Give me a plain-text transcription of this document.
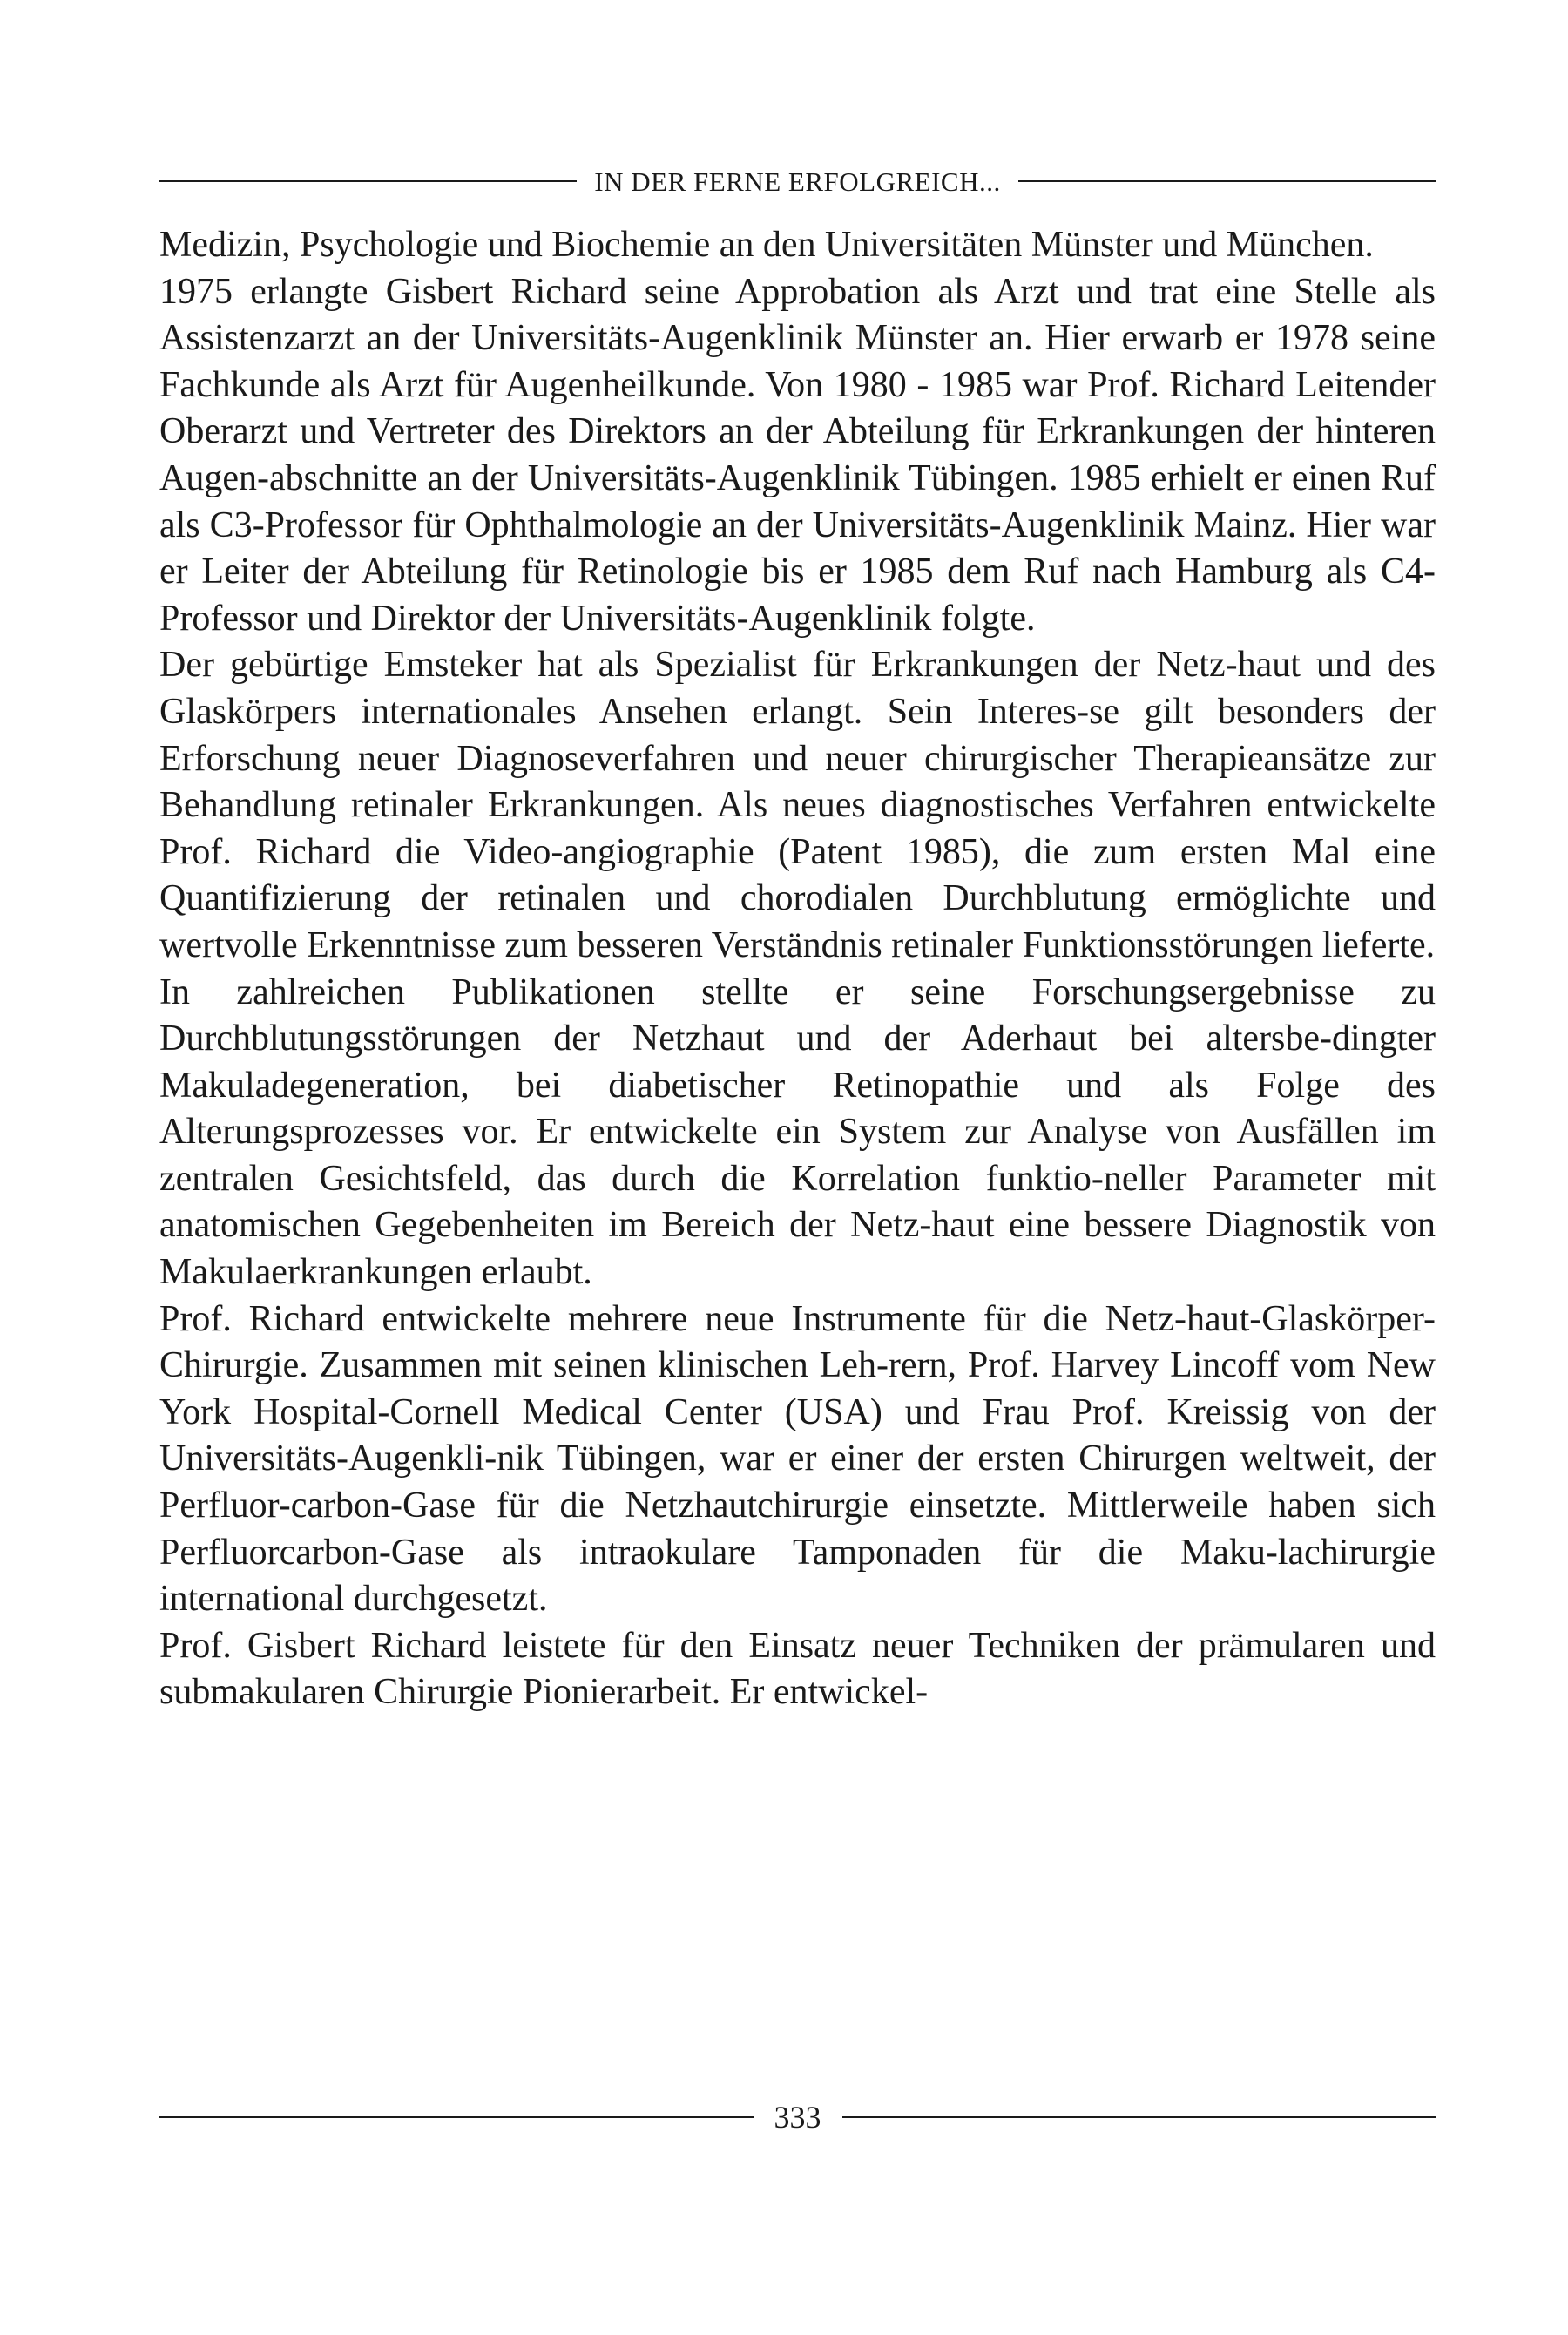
IN DER FERNE ERFOLGREICH...

Medizin, Psychologie und Biochemie an den Universitäten Münster und München.

1975 erlangte Gisbert Richard seine Approbation als Arzt und trat eine Stelle als Assistenzarzt an der Universitäts-Augenklinik Münster an. Hier erwarb er 1978 seine Fachkunde als Arzt für Augenheilkunde. Von 1980 - 1985 war Prof. Richard Leitender Oberarzt und Vertreter des Direktors an der Abteilung für Erkrankungen der hinteren Augen-abschnitte an der Universitäts-Augenklinik Tübingen. 1985 erhielt er einen Ruf als C3-Professor für Ophthalmologie an der Universitäts-Augenklinik Mainz. Hier war er Leiter der Abteilung für Retinologie bis er 1985 dem Ruf nach Hamburg als C4-Professor und Direktor der Universitäts-Augenklinik folgte.

Der gebürtige Emsteker hat als Spezialist für Erkrankungen der Netz-haut und des Glaskörpers internationales Ansehen erlangt. Sein Interes-se gilt besonders der Erforschung neuer Diagnoseverfahren und neuer chirurgischer Therapieansätze zur Behandlung retinaler Erkrankungen. Als neues diagnostisches Verfahren entwickelte Prof. Richard die Video-angiographie (Patent 1985), die zum ersten Mal eine Quantifizierung der retinalen und chorodialen Durchblutung ermöglichte und wertvolle Erkenntnisse zum besseren Verständnis retinaler Funktionsstörungen lieferte.

In zahlreichen Publikationen stellte er seine Forschungsergebnisse zu Durchblutungsstörungen der Netzhaut und der Aderhaut bei altersbe-dingter Makuladegeneration, bei diabetischer Retinopathie und als Folge des Alterungsprozesses vor. Er entwickelte ein System zur Analyse von Ausfällen im zentralen Gesichtsfeld, das durch die Korrelation funktio-neller Parameter mit anatomischen Gegebenheiten im Bereich der Netz-haut eine bessere Diagnostik von Makulaerkrankungen erlaubt.

Prof. Richard entwickelte mehrere neue Instrumente für die Netz-haut-Glaskörper-Chirurgie. Zusammen mit seinen klinischen Leh-rern, Prof. Harvey Lincoff vom New York Hospital-Cornell Medical Center (USA) und Frau Prof. Kreissig von der Universitäts-Augenkli-nik Tübingen, war er einer der ersten Chirurgen weltweit, der Perfluor-carbon-Gase für die Netzhautchirurgie einsetzte. Mittlerweile haben sich Perfluorcarbon-Gase als intraokulare Tamponaden für die Maku-lachirurgie international durchgesetzt.

Prof. Gisbert Richard leistete für den Einsatz neuer Techniken der prämularen und submakularen Chirurgie Pionierarbeit. Er entwickel-

333
